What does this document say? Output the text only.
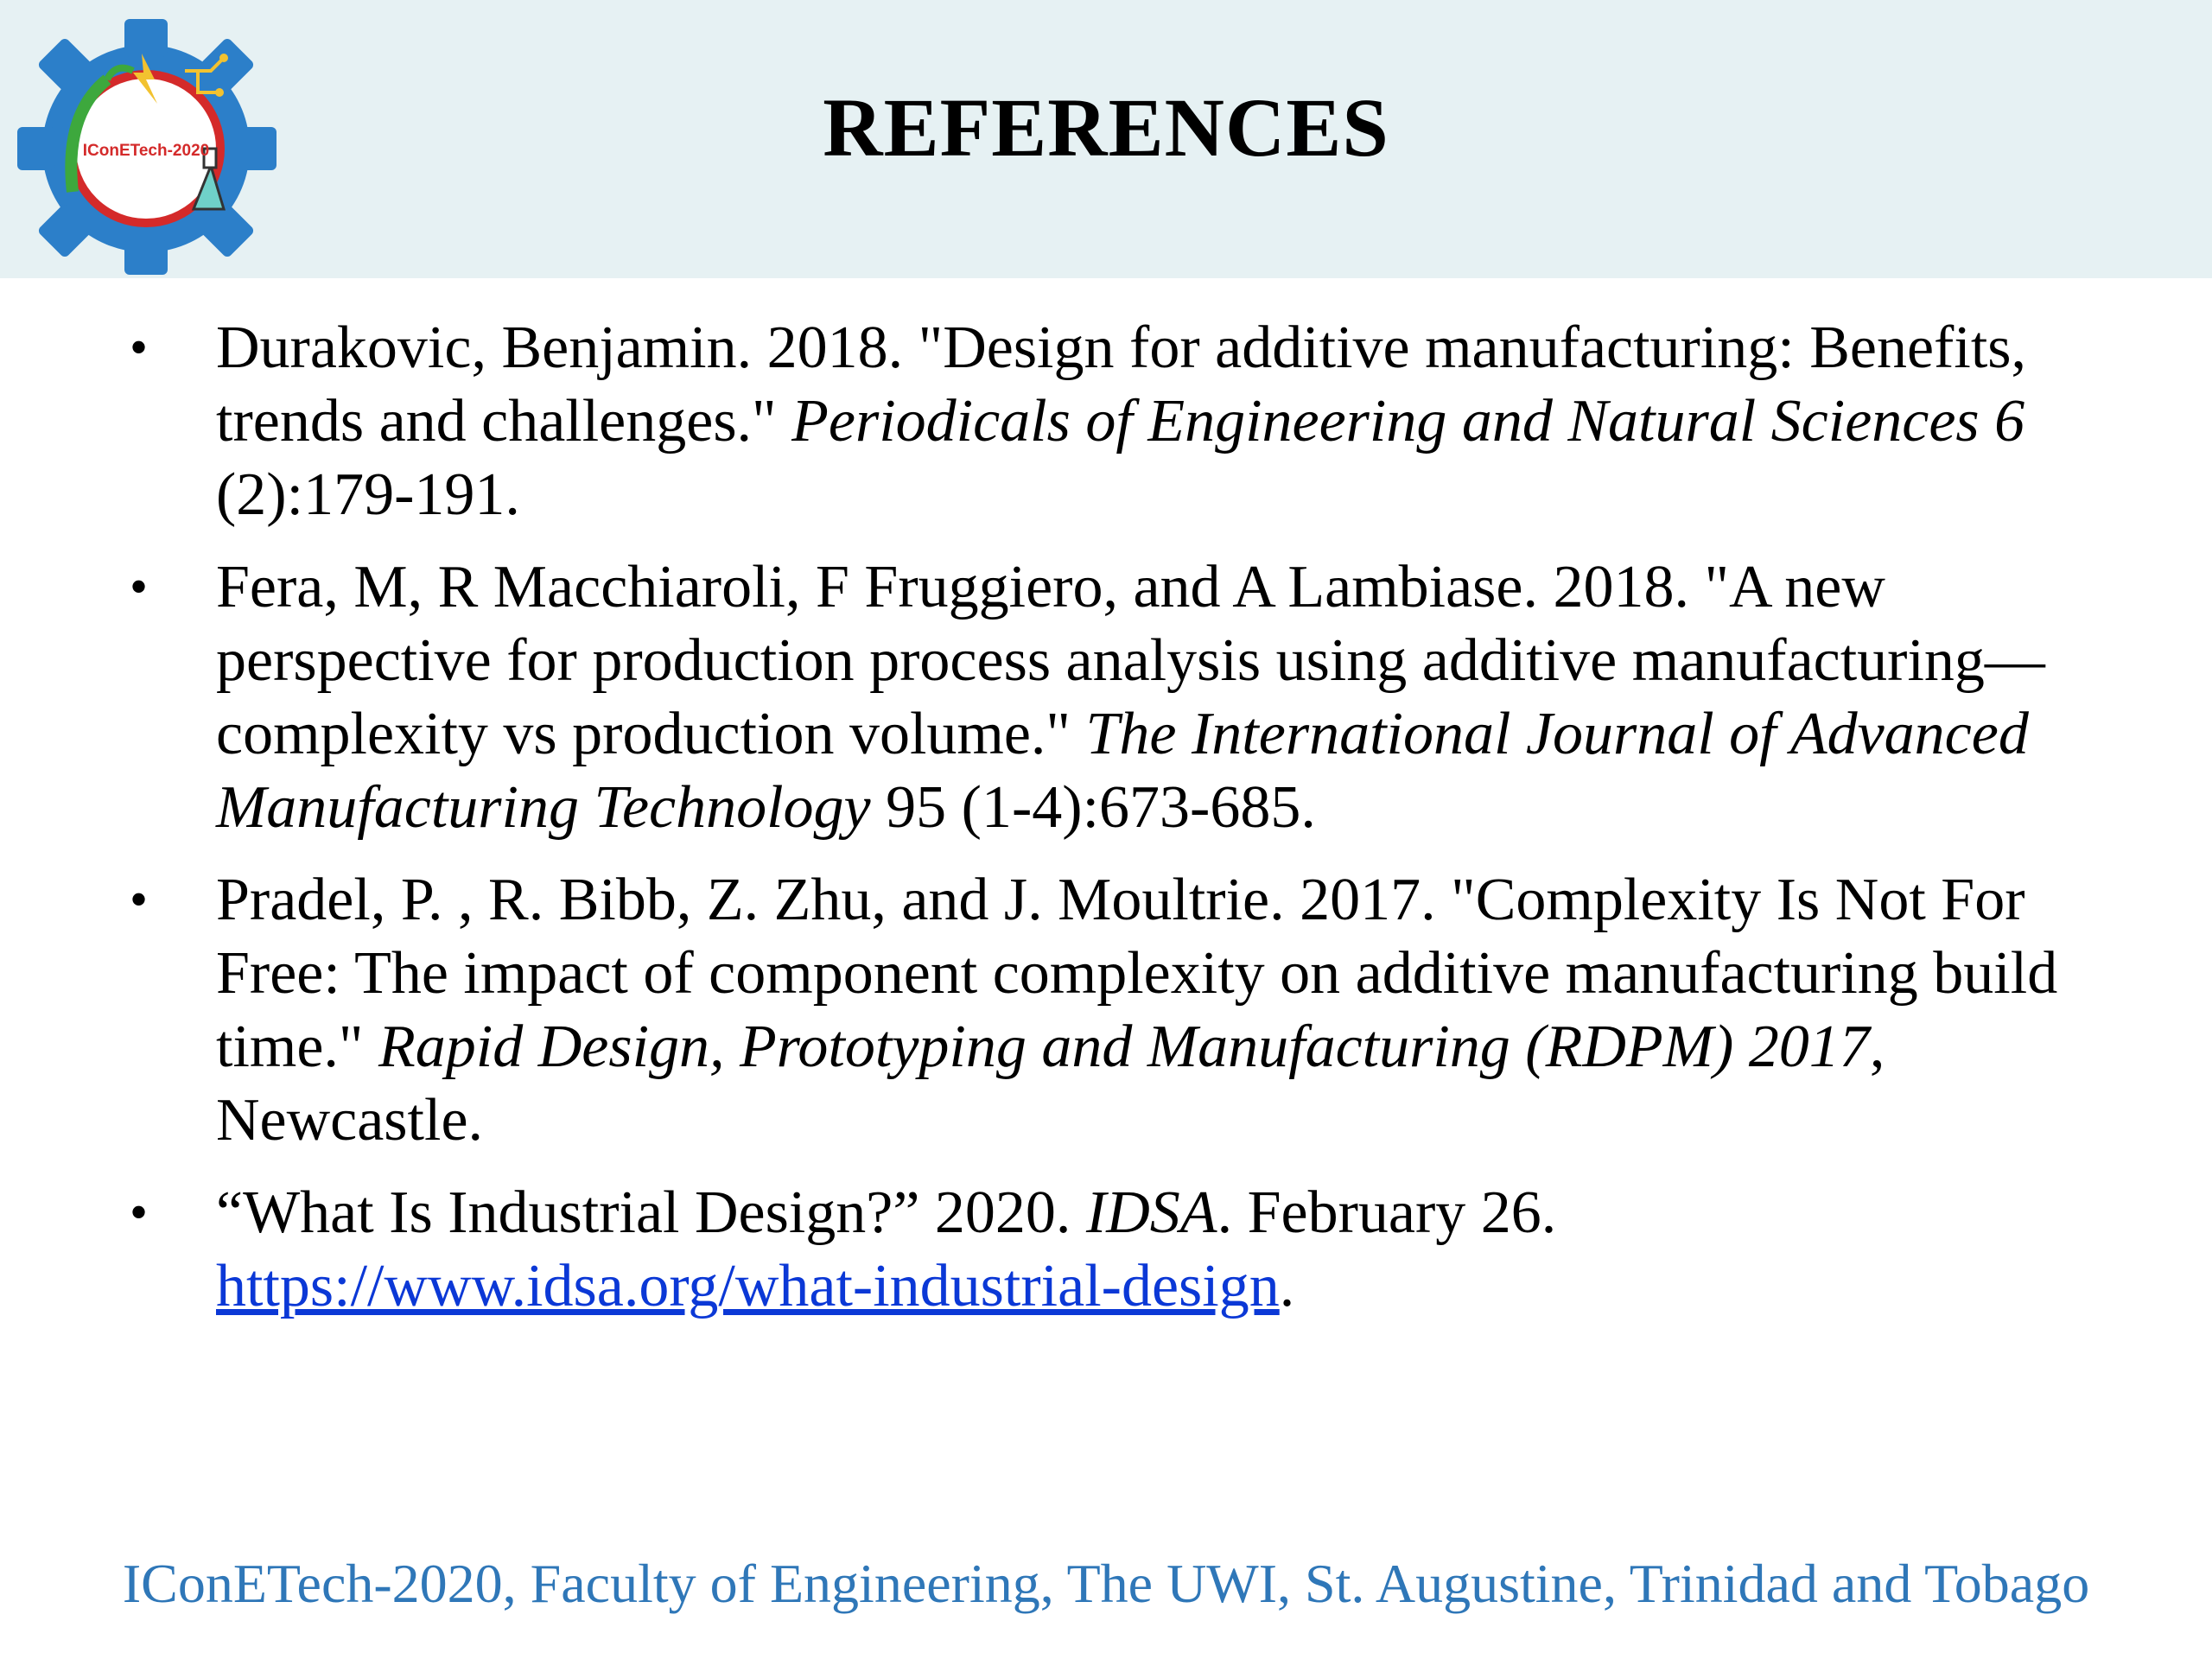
IConETech-2020	REFERENCES
•	Durakovic, Benjamin. 2018. "Design for additive manufacturing: Benefits, trends and challenges." Periodicals of Engineering and Natural Sciences 6 (2):179-191.
•	Fera, M, R Macchiaroli, F Fruggiero, and A Lambiase. 2018. "A new perspective for production process analysis using additive manufacturing—complexity vs production volume." The International Journal of Advanced Manufacturing Technology 95 (1-4):673-685.
•	Pradel, P. , R. Bibb, Z. Zhu, and J. Moultrie. 2017. "Complexity Is Not For Free: The impact of component complexity on additive manufacturing build time." Rapid Design, Prototyping and Manufacturing (RDPM) 2017, Newcastle.
•	“What Is Industrial Design?” 2020. IDSA. February 26. https://www.idsa.org/what-industrial-design.
IConETech-2020, Faculty of Engineering, The UWI, St. Augustine, Trinidad and Tobago
